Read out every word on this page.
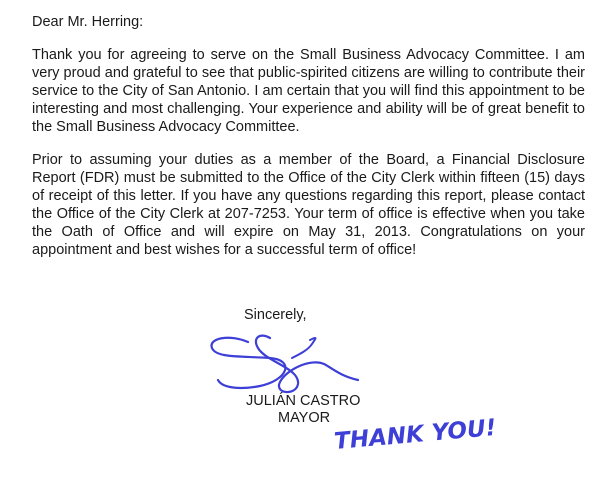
Dear Mr. Herring:

Thank you for agreeing to serve on the Small Business Advocacy Committee. I am very proud and grateful to see that public-spirited citizens are willing to contribute their service to the City of San Antonio. I am certain that you will find this appointment to be interesting and most challenging. Your experience and ability will be of great benefit to the Small Business Advocacy Committee.

Prior to assuming your duties as a member of the Board, a Financial Disclosure Report (FDR) must be submitted to the Office of the City Clerk within fifteen (15) days of receipt of this letter. If you have any questions regarding this report, please contact the Office of the City Clerk at 207-7253. Your term of office is effective when you take the Oath of Office and will expire on May 31, 2013. Congratulations on your appointment and best wishes for a successful term of office!

Sincerely,
JULIÁN CASTRO
MAYOR THANK YOU!
